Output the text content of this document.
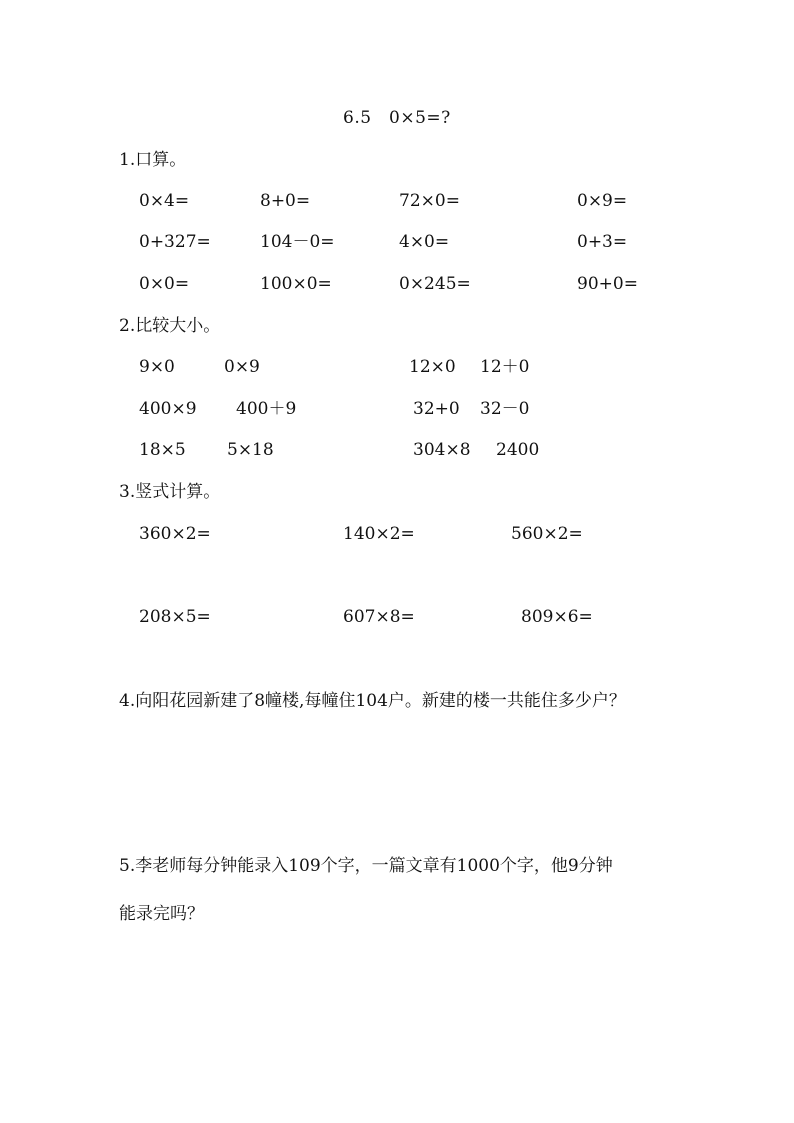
6.5　0×5=?
1.口算。
0×4=	8+0=	72×0=	0×9=
0+327=	104－0=	4×0=	0+3=
0×0=	100×0=	0×245=	90+0=
2.比较大小。
9×0	0×9	12×0 12＋0
400×9 400＋9	32+0 32－0
18×5 5×18	304×8 2400
3.竖式计算。
360×2=	140×2=	560×2=
208×5=	607×8=	809×6=
4.向阳花园新建了8幢楼,每幢住104户。新建的楼一共能住多少户？
5.李老师每分钟能录入109个字，一篇文章有1000个字，他9分钟
能录完吗？
